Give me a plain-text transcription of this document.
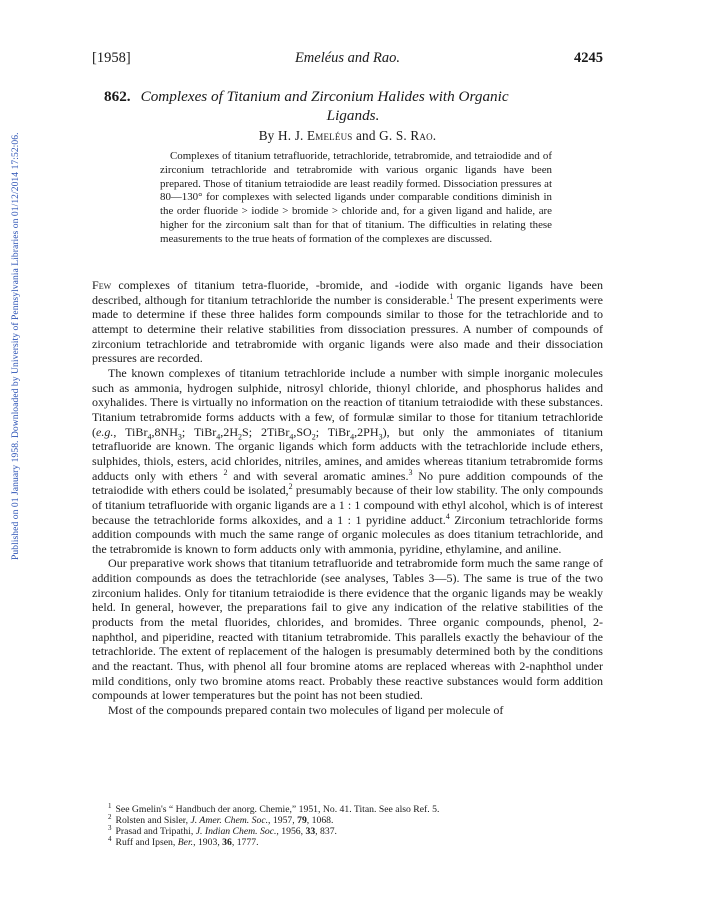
Published on 01 January 1958. Downloaded by University of Pennsylvania Libraries on 01/12/2014 17:52:06.
[1958]	Emeléus and Rao.	4245
862. Complexes of Titanium and Zirconium Halides with Organic
Ligands.
By H. J. Emeléus and G. S. Rao.
Complexes of titanium tetrafluoride, tetrachloride, tetrabromide, and tetraiodide and of zirconium tetrachloride and tetrabromide with various organic ligands have been prepared. Those of titanium tetraiodide are least readily formed. Dissociation pressures at 80—130° for complexes with selected ligands under comparable conditions diminish in the order fluoride > iodide > bromide > chloride and, for a given ligand and halide, are higher for the zirconium salt than for that of titanium. The difficulties in relating these measurements to the true heats of formation of the complexes are discussed.

Few complexes of titanium tetra-fluoride, -bromide, and -iodide with organic ligands have been described, although for titanium tetrachloride the number is considerable.$^1$ The present experiments were made to determine if these three halides form compounds similar to those for the tetrachloride and to attempt to determine their relative stabilities from dissociation pressures. A number of compounds of zirconium tetrachloride and tetrabromide with organic ligands were also made and their dissociation pressures are recorded.

The known complexes of titanium tetrachloride include a number with simple inorganic molecules such as ammonia, hydrogen sulphide, nitrosyl chloride, thionyl chloride, and phosphorus halides and oxyhalides. There is virtually no information on the reaction of titanium tetraiodide with these substances. Titanium tetrabromide forms adducts with a few, of formulæ similar to those for titanium tetrachloride (e.g., $TiBr_4,8NH_3$; $TiBr_4,2H_2S$; $2TiBr_4,SO_2$; $TiBr_4,2PH_3$), but only the ammoniates of titanium tetrafluoride are known. The organic ligands which form adducts with the tetrachloride include ethers, sulphides, thiols, esters, acid chlorides, nitriles, amines, and amides whereas titanium tetrabromide forms adducts only with ethers $^2$ and with several aromatic amines.$^3$ No pure addition compounds of the tetraiodide with ethers could be isolated,$^2$ presumably because of their low stability. The only compounds of titanium tetrafluoride with organic ligands are a 1 : 1 compound with ethyl alcohol, which is of interest because the tetrachloride forms alkoxides, and a 1 : 1 pyridine adduct.$^4$ Zirconium tetrachloride forms addition compounds with much the same range of organic molecules as does titanium tetrachloride, and the tetrabromide is known to form adducts only with ammonia, pyridine, ethylamine, and aniline.

Our preparative work shows that titanium tetrafluoride and tetrabromide form much the same range of addition compounds as does the tetrachloride (see analyses, Tables 3—5). The same is true of the two zirconium halides. Only for titanium tetraiodide is there evidence that the organic ligands may be weakly held. In general, however, the preparations fail to give any indication of the relative stabilities of the products from the metal fluorides, chlorides, and bromides. Three organic compounds, phenol, 2-naphthol, and piperidine, reacted with titanium tetrabromide. This parallels exactly the behaviour of the tetrachloride. The extent of replacement of the halogen is presumably determined both by the conditions and the reactant. Thus, with phenol all four bromine atoms are replaced whereas with 2-naphthol under mild conditions, only two bromine atoms react. Probably these reactive substances would form addition compounds at lower temperatures but the point has not been studied.

Most of the compounds prepared contain two molecules of ligand per molecule of

$^1$ See Gmelin's “ Handbuch der anorg. Chemie,” 1951, No. 41. Titan. See also Ref. 5.
$^2$ Rolsten and Sisler, J. Amer. Chem. Soc., 1957, 79, 1068.
$^3$ Prasad and Tripathi, J. Indian Chem. Soc., 1956, 33, 837.
$^4$ Ruff and Ipsen, Ber., 1903, 36, 1777.
